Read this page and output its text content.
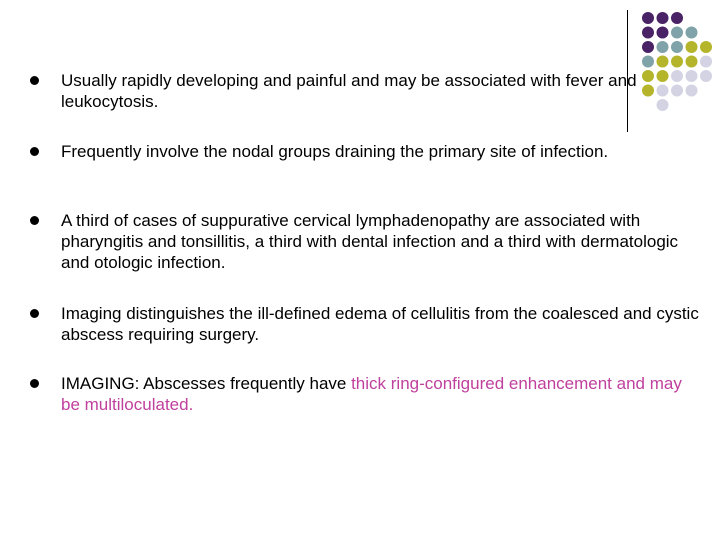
Usually rapidly developing and painful and may be associated with fever and leukocytosis.
Frequently involve the nodal groups draining the primary site of infection.
A third of cases of suppurative cervical lymphadenopathy are associated with pharyngitis and tonsillitis, a third with dental infection and a third with dermatologic and otologic infection.
Imaging distinguishes the ill-defined edema of cellulitis from the coalesced and cystic abscess requiring surgery.
IMAGING: Abscesses frequently have thick ring-configured enhancement and may be multiloculated.
